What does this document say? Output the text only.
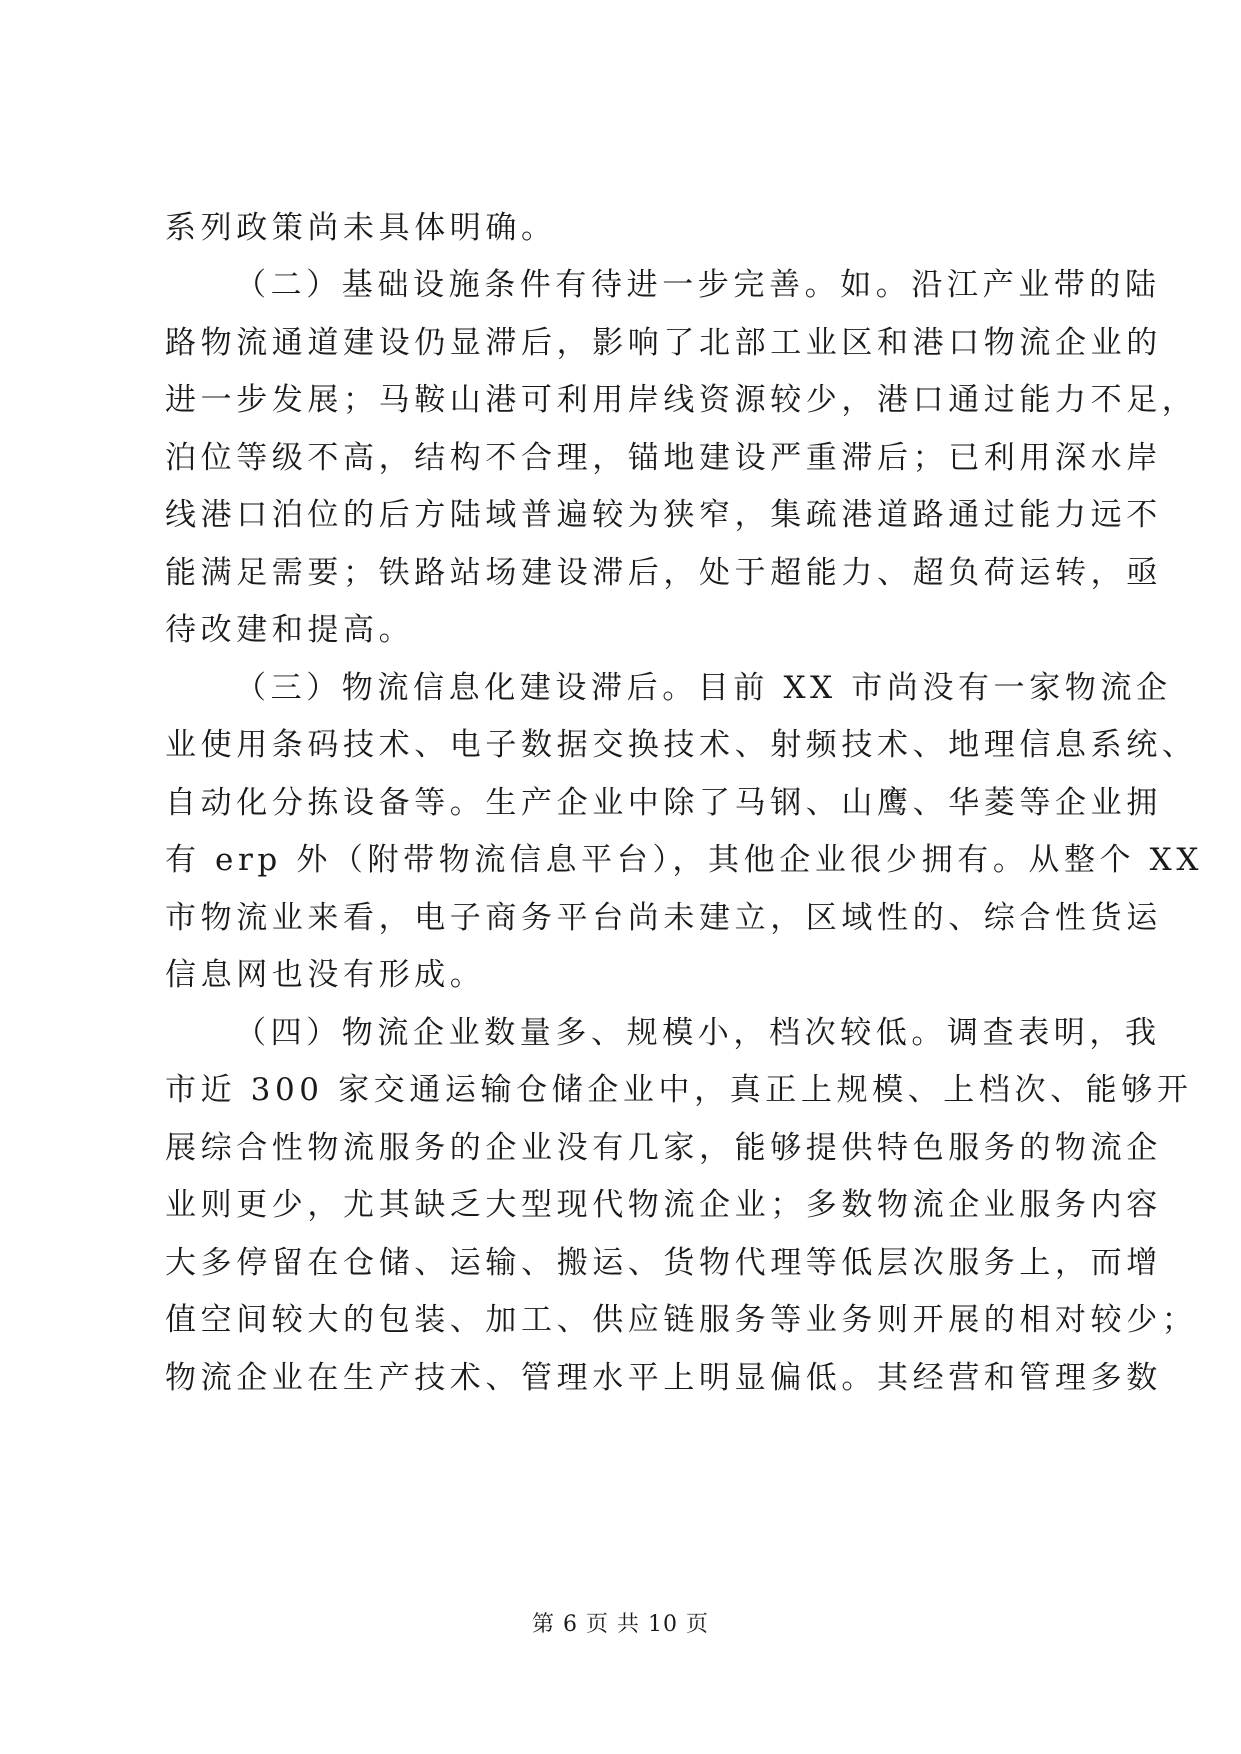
系列政策尚未具体明确。
（二）基础设施条件有待进一步完善。如。沿江产业带的陆
路物流通道建设仍显滞后，影响了北部工业区和港口物流企业的
进一步发展；马鞍山港可利用岸线资源较少，港口通过能力不足，
泊位等级不高，结构不合理，锚地建设严重滞后；已利用深水岸
线港口泊位的后方陆域普遍较为狭窄，集疏港道路通过能力远不
能满足需要；铁路站场建设滞后，处于超能力、超负荷运转，亟
待改建和提高。
（三）物流信息化建设滞后。目前 XX 市尚没有一家物流企
业使用条码技术、电子数据交换技术、射频技术、地理信息系统、
自动化分拣设备等。生产企业中除了马钢、山鹰、华菱等企业拥
有 erp 外（附带物流信息平台），其他企业很少拥有。从整个 XX
市物流业来看，电子商务平台尚未建立，区域性的、综合性货运
信息网也没有形成。
（四）物流企业数量多、规模小，档次较低。调查表明，我
市近 300 家交通运输仓储企业中，真正上规模、上档次、能够开
展综合性物流服务的企业没有几家，能够提供特色服务的物流企
业则更少，尤其缺乏大型现代物流企业；多数物流企业服务内容
大多停留在仓储、运输、搬运、货物代理等低层次服务上，而增
值空间较大的包装、加工、供应链服务等业务则开展的相对较少；
物流企业在生产技术、管理水平上明显偏低。其经营和管理多数
第 6 页 共 10 页
